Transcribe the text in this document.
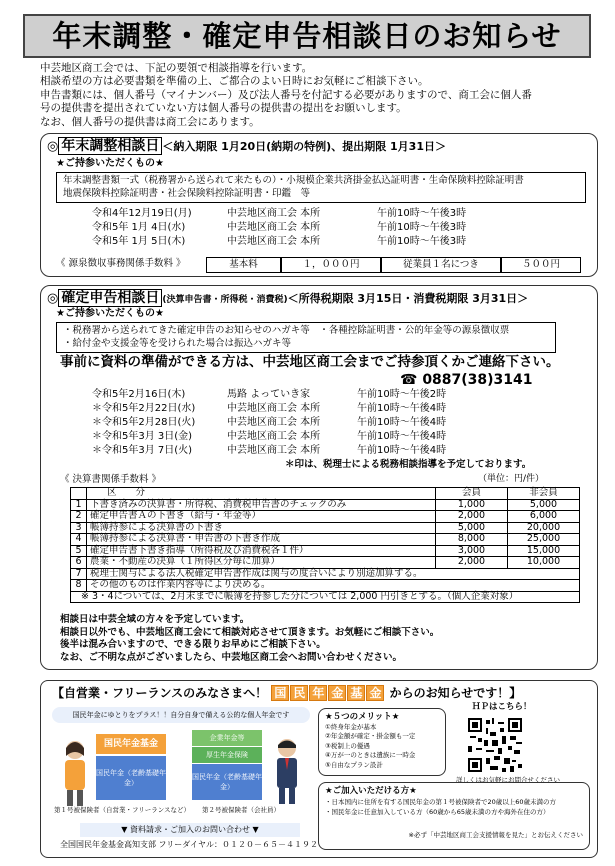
年末調整・確定申告相談日のお知らせ
中芸地区商工会では、下記の要領で相談指導を行います。
相談希望の方は必要書類を準備の上、ご都合のよい日時にお気軽にご相談下さい。
申告書類には、個人番号（マイナンバー）及び法人番号を付記する必要がありますので、商工会に個人番
号の提供書を提出されていない方は個人番号の提供書の提出をお願いします。
なお、個人番号の提供書は商工会にあります。
◎ 年末調整相談日 ＜納入期限 1月20日(納期の特例)、提出期限 1月31日＞
★ご持参いただくもの★
年末調整書類一式（税務署から送られて来たもの）・小規模企業共済掛金払込証明書・生命保険料控除証明書
地震保険料控除証明書・社会保険料控除証明書・印鑑　等
令和4年12月19日(月)	中芸地区商工会 本所	午前10時～午後3時
令和5年 1月 4日(水)	中芸地区商工会 本所	午前10時～午後3時
令和5年 1月 5日(木)	中芸地区商工会 本所	午前10時～午後3時
《 源泉徴収事務関係手数料 》	基本料	１，０００円	従業員１名につき	５００円
◎ 確定申告相談日 (決算申告書・所得税・消費税)＜所得税期限 3月15日・消費税期限 3月31日＞
★ご持参いただくもの★
・税務署から送られてきた確定申告のお知らせのハガキ等　・各種控除証明書・公的年金等の源泉徴収票
・給付金や支援金等を受けられた場合は振込ハガキ等
事前に資料の準備ができる方は、中芸地区商工会までご持参頂くかご連絡下さい。
☎ 0887(38)3141
令和5年2月16日(木)	馬路 よっていき家	午前10時～午後2時
＊令和5年2月22日(水)	中芸地区商工会 本所	午前10時～午後4時
＊令和5年2月28日(火)	中芸地区商工会 本所	午前10時～午後4時
＊令和5年3月 3日(金)	中芸地区商工会 本所	午前10時～午後4時
＊令和5年3月 7日(火)	中芸地区商工会 本所	午前10時～午後4時
＊印は、税理士による税務相談指導を予定しております。
《 決算書関係手数料 》	（単位：円/件）
	区　　分	会員	非会員
1	下書き済みの決算書・所得税、消費税申告書のチェックのみ	1,000	5,000
2	確定申告書Ａの下書き（給与・年金等）	2,000	6,000
3	帳簿持参による決算書の下書き	5,000	20,000
4	帳簿持参による決算書・申告書の下書き作成	8,000	25,000
5	確定申告書下書き指導（所得税及び消費税各１件）	3,000	15,000
6	農業・不動産の決算（１所得区分毎に加算）	2,000	10,000
7	税理士関与による法人税確定申告書作成は関与の度合いにより別途加算する。		
8	その他のものは作業内容等により決める。		
※ 3・4については、2月末までに帳簿を持参した分については 2,000 円引きとする。（個人企業対象）			
相談日は中芸全域の方々を予定しています。
相談日以外でも、中芸地区商工会にて相談対応させて頂きます。お気軽にご相談下さい。
後半は混み合いますので、できる限りお早めにご相談下さい。
なお、ご不明な点がございましたら、中芸地区商工会へお問い合わせください。
【自営業・フリーランスのみなさまへ！ 国 民 年 金 基 金 からのお知らせです！】
国民年金にゆとりをプラス！！自分自身で備える公的な個人年金です
国民年金基金
国民年金（老齢基礎年金）
企業年金等
厚生年金保険
国民年金（老齢基礎年金）
第１号被保険者（自営業・フリーランスなど） 第２号被保険者（会社員）
▼ 資料請求・ご加入のお問い合わせ ▼
全国国民年金基金高知支部 フリーダイヤル：０１２０－６５－４１９２
★５つのメリット★
①終身年金が基本
②年金額が確定・掛金額も一定
③税制上の優遇
④万が一のときは遺族に一時金
⑤自由なプラン設計
ＨＰはこちら！
詳しくはお気軽にお問合せください
★ご加入いただける方★
・日本国内に住所を有する国民年金の第１号被保険者で20歳以上60歳未満の方
・国民年金に任意加入している方（60歳から65歳未満の方や海外在住の方）
※必ず「中芸地区商工会支援情報を見た」とお伝えください
